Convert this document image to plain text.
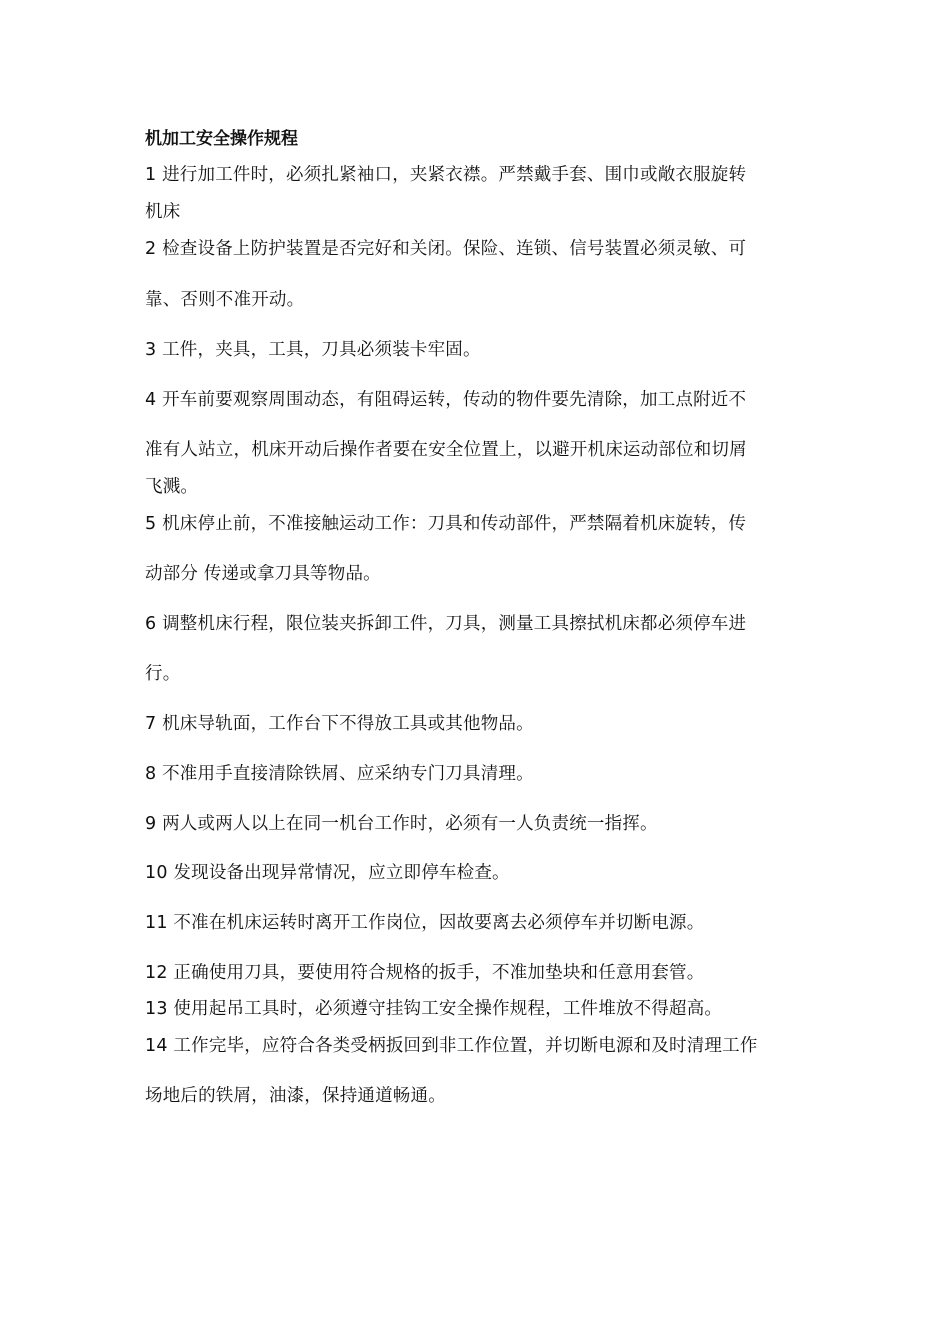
机加工安全操作规程
1 进行加工件时，必须扎紧袖口，夹紧衣襟。严禁戴手套、围巾或敞衣服旋转
机床
2 检查设备上防护装置是否完好和关闭。保险、连锁、信号装置必须灵敏、可
靠、否则不准开动。
3 工件，夹具，工具，刀具必须装卡牢固。
4 开车前要观察周围动态，有阻碍运转，传动的物件要先清除，加工点附近不
准有人站立，机床开动后操作者要在安全位置上，以避开机床运动部位和切屑
飞溅。
5 机床停止前，不准接触运动工作：刀具和传动部件，严禁隔着机床旋转，传
动部分 传递或拿刀具等物品。
6 调整机床行程，限位装夹拆卸工件，刀具，测量工具擦拭机床都必须停车进
行。
7 机床导轨面，工作台下不得放工具或其他物品。
8 不准用手直接清除铁屑、应采纳专门刀具清理。
9 两人或两人以上在同一机台工作时，必须有一人负责统一指挥。
10 发现设备出现异常情况，应立即停车检查。
11 不准在机床运转时离开工作岗位，因故要离去必须停车并切断电源。
12 正确使用刀具，要使用符合规格的扳手，不准加垫块和任意用套管。
13 使用起吊工具时，必须遵守挂钩工安全操作规程，工件堆放不得超高。
14 工作完毕，应符合各类受柄扳回到非工作位置，并切断电源和及时清理工作
场地后的铁屑，油漆，保持通道畅通。
